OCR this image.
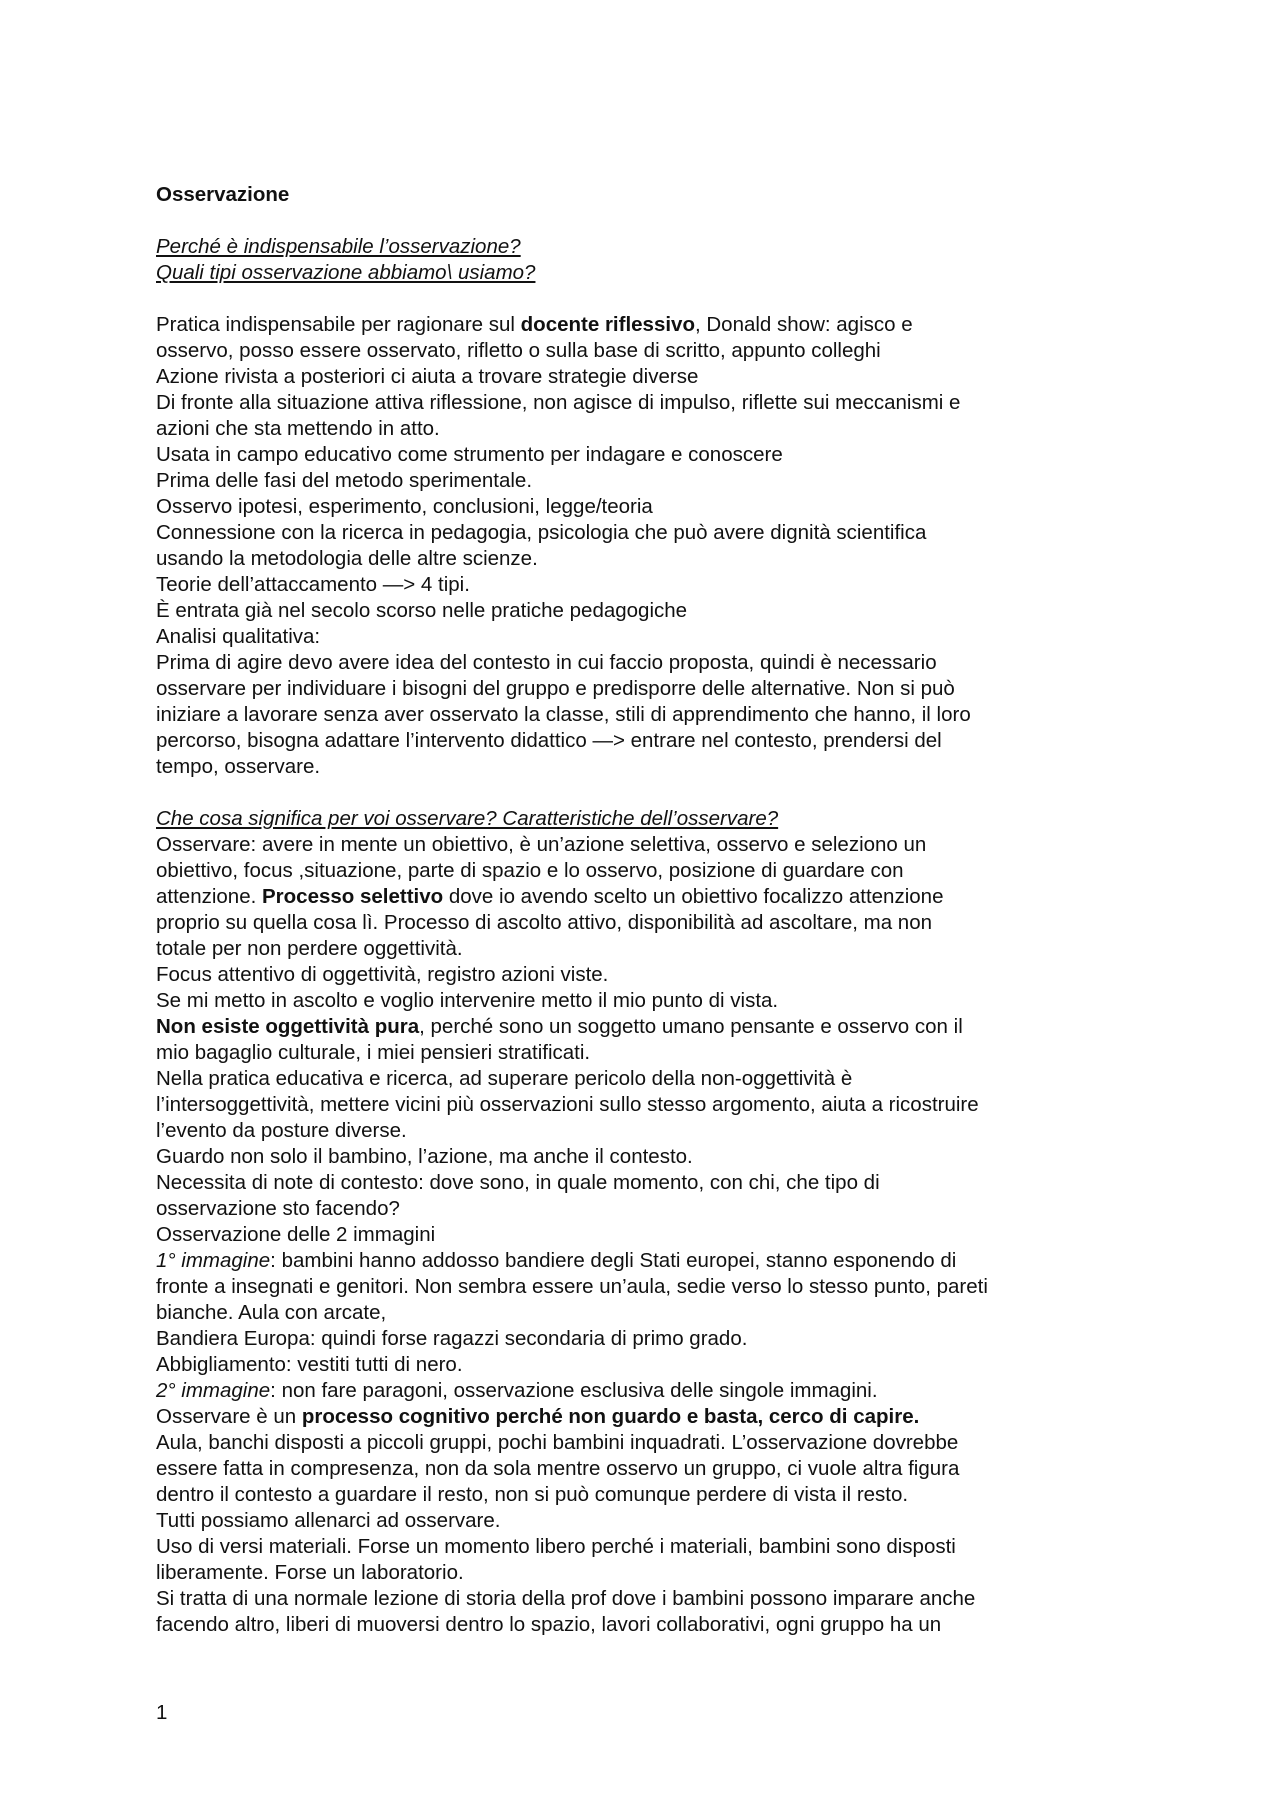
Osservazione

Perché è indispensabile l’osservazione?

Quali tipi osservazione abbiamo\ usiamo?

Pratica indispensabile per ragionare sul docente riflessivo, Donald show: agisco e

osservo, posso essere osservato, rifletto o sulla base di scritto, appunto colleghi

Azione rivista a posteriori ci aiuta a trovare strategie diverse

Di fronte alla situazione attiva riflessione, non agisce di impulso, riflette sui meccanismi e

azioni che sta mettendo in atto.

Usata in campo educativo come strumento per indagare e conoscere

Prima delle fasi del metodo sperimentale.

Osservo ipotesi, esperimento, conclusioni, legge/teoria

Connessione con la ricerca in pedagogia, psicologia che può avere dignità scientifica

usando la metodologia delle altre scienze.

Teorie dell’attaccamento —> 4 tipi.

È entrata già nel secolo scorso nelle pratiche pedagogiche

Analisi qualitativa:

Prima di agire devo avere idea del contesto in cui faccio proposta, quindi è necessario

osservare per individuare i bisogni del gruppo e predisporre delle alternative. Non si può

iniziare a lavorare senza aver osservato la classe, stili di apprendimento che hanno, il loro

percorso, bisogna adattare l’intervento didattico —> entrare nel contesto, prendersi del

tempo, osservare.

Che cosa significa per voi osservare? Caratteristiche dell’osservare?

Osservare: avere in mente un obiettivo, è un’azione selettiva, osservo e seleziono un

obiettivo, focus ,situazione, parte di spazio e lo osservo, posizione di guardare con

attenzione. Processo selettivo dove io avendo scelto un obiettivo focalizzo attenzione

proprio su quella cosa lì. Processo di ascolto attivo, disponibilità ad ascoltare, ma non

totale per non perdere oggettività.

Focus attentivo di oggettività, registro azioni viste.

Se mi metto in ascolto e voglio intervenire metto il mio punto di vista.

Non esiste oggettività pura, perché sono un soggetto umano pensante e osservo con il

mio bagaglio culturale, i miei pensieri stratificati.

Nella pratica educativa e ricerca, ad superare pericolo della non-oggettività è

l’intersoggettività, mettere vicini più osservazioni sullo stesso argomento, aiuta a ricostruire

l’evento da posture diverse.

Guardo non solo il bambino, l’azione, ma anche il contesto.

Necessita di note di contesto: dove sono, in quale momento, con chi, che tipo di

osservazione sto facendo?

Osservazione delle 2 immagini

1° immagine: bambini hanno addosso bandiere degli Stati europei, stanno esponendo di

fronte a insegnati e genitori. Non sembra essere un’aula, sedie verso lo stesso punto, pareti

bianche. Aula con arcate,

Bandiera Europa: quindi forse ragazzi secondaria di primo grado.

Abbigliamento: vestiti tutti di nero.

2° immagine: non fare paragoni, osservazione esclusiva delle singole immagini.

Osservare è un processo cognitivo perché non guardo e basta, cerco di capire.

Aula, banchi disposti a piccoli gruppi, pochi bambini inquadrati. L’osservazione dovrebbe

essere fatta in compresenza, non da sola mentre osservo un gruppo, ci vuole altra figura

dentro il contesto a guardare il resto, non si può comunque perdere di vista il resto.

Tutti possiamo allenarci ad osservare.

Uso di versi materiali. Forse un momento libero perché i materiali, bambini sono disposti

liberamente. Forse un laboratorio.

Si tratta di una normale lezione di storia della prof dove i bambini possono imparare anche

facendo altro, liberi di muoversi dentro lo spazio, lavori collaborativi, ogni gruppo ha un

1
